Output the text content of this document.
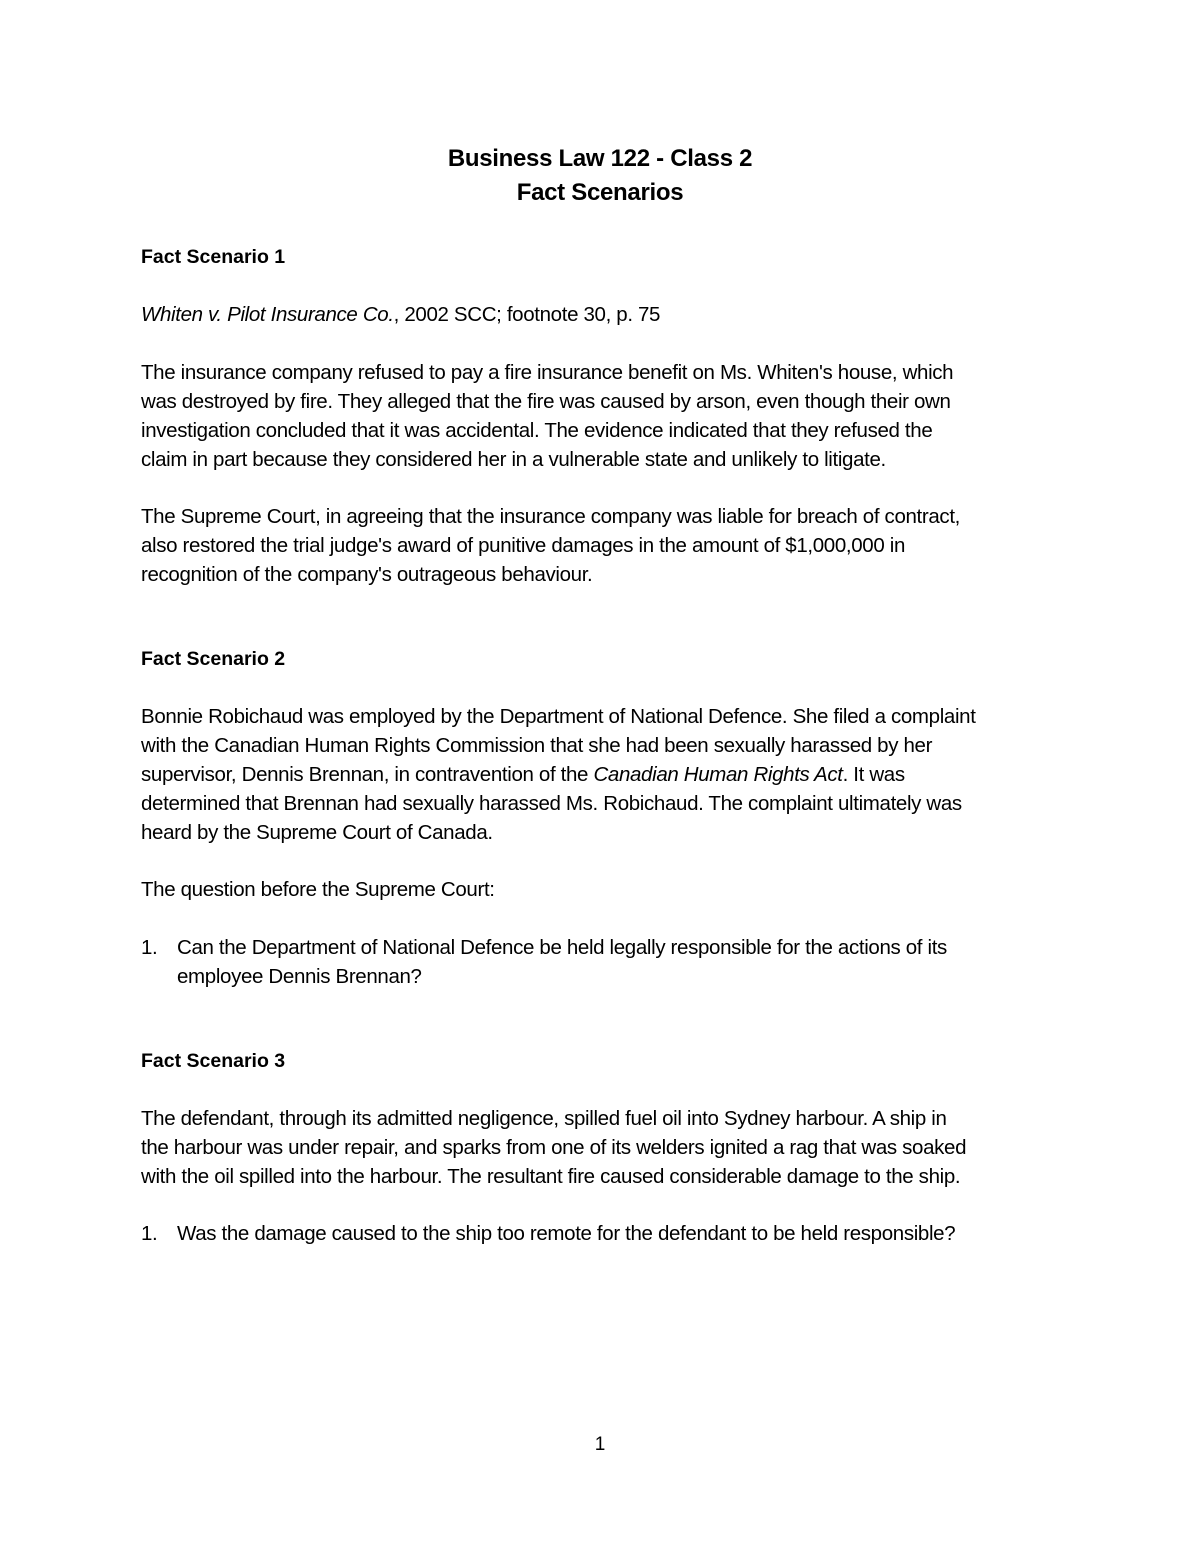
Business Law 122 - Class 2
Fact Scenarios
Fact Scenario 1
Whiten v. Pilot Insurance Co., 2002 SCC; footnote 30, p. 75
The insurance company refused to pay a fire insurance benefit on Ms. Whiten's house, which
was destroyed by fire. They alleged that the fire was caused by arson, even though their own
investigation concluded that it was accidental. The evidence indicated that they refused the
claim in part because they considered her in a vulnerable state and unlikely to litigate.
The Supreme Court, in agreeing that the insurance company was liable for breach of contract,
also restored the trial judge's award of punitive damages in the amount of $1,000,000 in
recognition of the company's outrageous behaviour.
Fact Scenario 2
Bonnie Robichaud was employed by the Department of National Defence. She filed a complaint
with the Canadian Human Rights Commission that she had been sexually harassed by her
supervisor, Dennis Brennan, in contravention of the Canadian Human Rights Act. It was
determined that Brennan had sexually harassed Ms. Robichaud. The complaint ultimately was
heard by the Supreme Court of Canada.
The question before the Supreme Court:
1. Can the Department of National Defence be held legally responsible for the actions of its
employee Dennis Brennan?
Fact Scenario 3
The defendant, through its admitted negligence, spilled fuel oil into Sydney harbour. A ship in
the harbour was under repair, and sparks from one of its welders ignited a rag that was soaked
with the oil spilled into the harbour. The resultant fire caused considerable damage to the ship.
1. Was the damage caused to the ship too remote for the defendant to be held responsible?
1
